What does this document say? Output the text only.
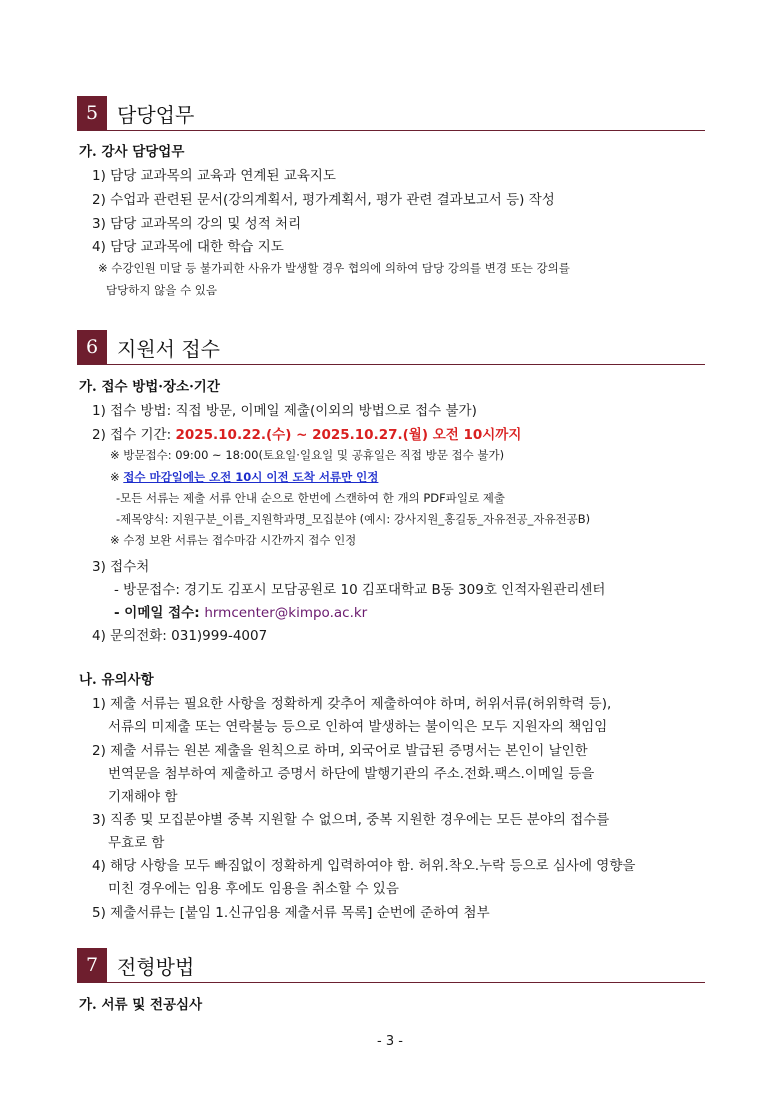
5 담당업무
가. 강사 담당업무
1) 담당 교과목의 교육과 연계된 교육지도
2) 수업과 관련된 문서(강의계획서, 평가계획서, 평가 관련 결과보고서 등) 작성
3) 담당 교과목의 강의 및 성적 처리
4) 담당 교과목에 대한 학습 지도
※ 수강인원 미달 등 불가피한 사유가 발생할 경우 협의에 의하여 담당 강의를 변경 또는 강의를
담당하지 않을 수 있음
6 지원서 접수
가. 접수 방법·장소·기간
1) 접수 방법: 직접 방문, 이메일 제출(이외의 방법으로 접수 불가)
2) 접수 기간: 2025.10.22.(수) ~ 2025.10.27.(월) 오전 10시까지
※ 방문접수: 09:00 ~ 18:00(토요일·일요일 및 공휴일은 직접 방문 접수 불가)
※ 접수 마감일에는 오전 10시 이전 도착 서류만 인정
-모든 서류는 제출 서류 안내 순으로 한번에 스캔하여 한 개의 PDF파일로 제출
-제목양식: 지원구분_이름_지원학과명_모집분야 (예시: 강사지원_홍길동_자유전공_자유전공B)
※ 수정 보완 서류는 접수마감 시간까지 접수 인정
3) 접수처
- 방문접수: 경기도 김포시 모담공원로 10 김포대학교 B동 309호 인적자원관리센터
- 이메일 접수: hrmcenter@kimpo.ac.kr
4) 문의전화: 031)999-4007
나. 유의사항
1) 제출 서류는 필요한 사항을 정확하게 갖추어 제출하여야 하며, 허위서류(허위학력 등),
서류의 미제출 또는 연락불능 등으로 인하여 발생하는 불이익은 모두 지원자의 책임임
2) 제출 서류는 원본 제출을 원칙으로 하며, 외국어로 발급된 증명서는 본인이 날인한
번역문을 첨부하여 제출하고 증명서 하단에 발행기관의 주소.전화.팩스.이메일 등을
기재해야 함
3) 직종 및 모집분야별 중복 지원할 수 없으며, 중복 지원한 경우에는 모든 분야의 접수를
무효로 함
4) 해당 사항을 모두 빠짐없이 정확하게 입력하여야 함. 허위.착오.누락 등으로 심사에 영향을
미친 경우에는 임용 후에도 임용을 취소할 수 있음
5) 제출서류는 [붙임 1.신규임용 제출서류 목록] 순번에 준하여 첨부
7 전형방법
가. 서류 및 전공심사
- 3 -
